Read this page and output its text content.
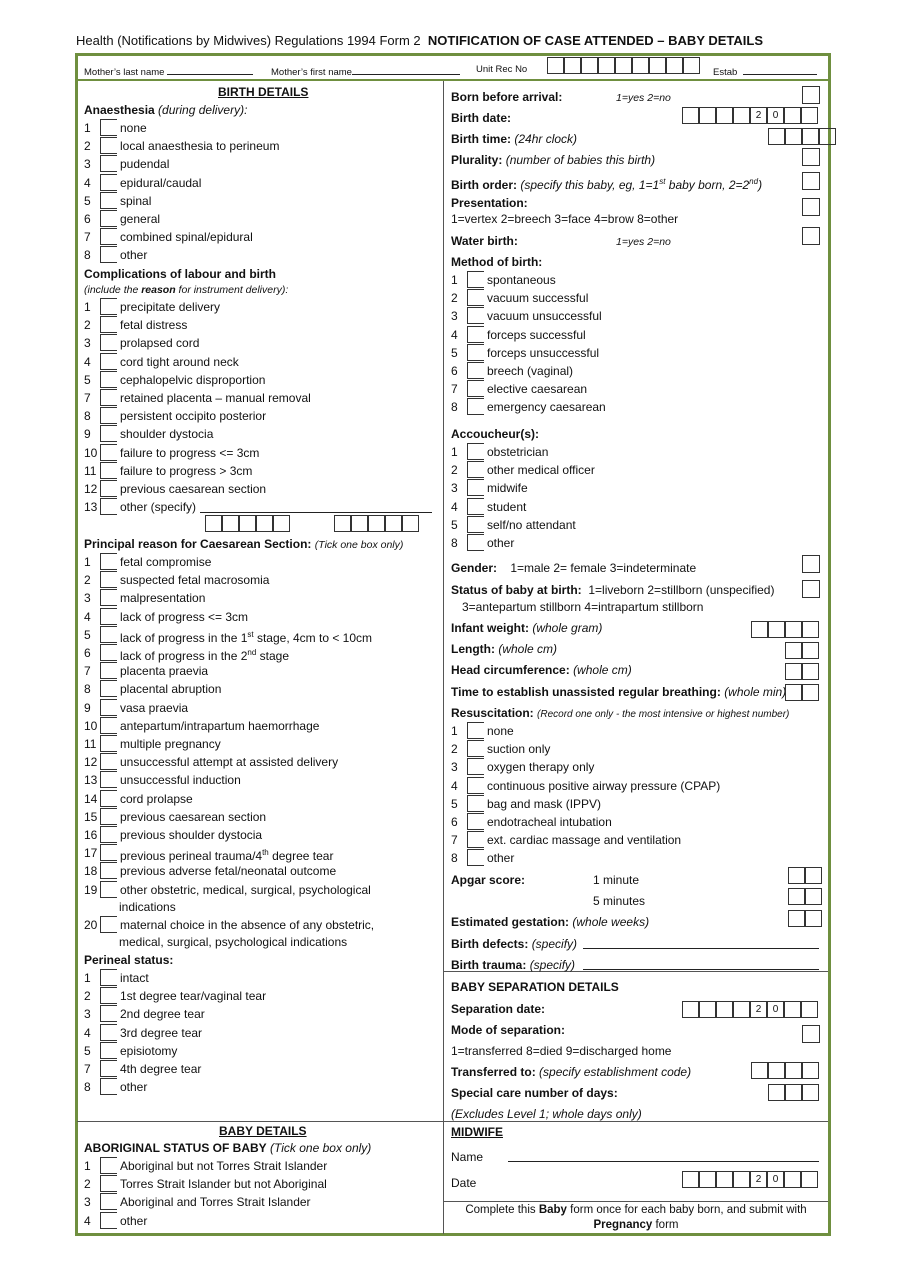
Health (Notifications by Midwives) Regulations 1994 Form 2 NOTIFICATION OF CASE ATTENDED – BABY DETAILS
Mother’s last name	Mother’s first name	Unit Rec No	Estab
BIRTH DETAILS
Anaesthesia (during delivery):
1 none
2 local anaesthesia to perineum
3 pudendal
4 epidural/caudal
5 spinal
6 general
7 combined spinal/epidural
8 other
Complications of labour and birth
(include the reason for instrument delivery):
1 precipitate delivery
2 fetal distress
3 prolapsed cord
4 cord tight around neck
5 cephalopelvic disproportion
7 retained placenta – manual removal
8 persistent occipito posterior
9 shoulder dystocia
10 failure to progress <= 3cm
11 failure to progress > 3cm
12 previous caesarean section
13 other (specify)
Principal reason for Caesarean Section: (Tick one box only)
1 fetal compromise
2 suspected fetal macrosomia
3 malpresentation
4 lack of progress <= 3cm
5 lack of progress in the 1st stage, 4cm to < 10cm
6 lack of progress in the 2nd stage
7 placenta praevia
8 placental abruption
9 vasa praevia
10 antepartum/intrapartum haemorrhage
11 multiple pregnancy
12 unsuccessful attempt at assisted delivery
13 unsuccessful induction
14 cord prolapse
15 previous caesarean section
16 previous shoulder dystocia
17 previous perineal trauma/4th degree tear
18 previous adverse fetal/neonatal outcome
19 other obstetric, medical, surgical, psychological
20 maternal choice in the absence of any obstetric,
indications
medical, surgical, psychological indications
Perineal status:
1 intact
2 1st degree tear/vaginal tear
3 2nd degree tear
4 3rd degree tear
5 episiotomy
7 4th degree tear
8 other
BABY DETAILS
ABORIGINAL STATUS OF BABY (Tick one box only)
1 Aboriginal but not Torres Strait Islander
2 Torres Strait Islander but not Aboriginal
3 Aboriginal and Torres Strait Islander
4 other
Born before arrival:	1=yes 2=no
Birth date:	2	0
Birth time: (24hr clock)
Plurality: (number of babies this birth)
Birth order: (specify this baby, eg, 1=1st baby born, 2=2nd)
Presentation:
1=vertex 2=breech 3=face 4=brow 8=other
Water birth:	1=yes 2=no
Method of birth:
1 spontaneous
2 vacuum successful
3 vacuum unsuccessful
4 forceps successful
5 forceps unsuccessful
6 breech (vaginal)
7 elective caesarean
8 emergency caesarean
Accoucheur(s):
1 obstetrician
2 other medical officer
3 midwife
4 student
5 self/no attendant
8 other
Gender: 1=male 2= female 3=indeterminate
Status of baby at birth: 1=liveborn 2=stillborn (unspecified)
3=antepartum stillborn 4=intrapartum stillborn
Infant weight: (whole gram)
Length: (whole cm)
Head circumference: (whole cm)
Time to establish unassisted regular breathing: (whole min)
Resuscitation: (Record one only - the most intensive or highest number)
1 none
2 suction only
3 oxygen therapy only
4 continuous positive airway pressure (CPAP)
5 bag and mask (IPPV)
6 endotracheal intubation
7 ext. cardiac massage and ventilation
8 other
Apgar score:	1 minute
5 minutes
Estimated gestation: (whole weeks)
Birth defects: (specify)
Birth trauma: (specify)
BABY SEPARATION DETAILS
Separation date:	2	0
Mode of separation:
1=transferred 8=died 9=discharged home
Transferred to: (specify establishment code)
Special care number of days:
(Excludes Level 1; whole days only)
MIDWIFE
Name
Date	2	0
Complete this Baby form once for each baby born, and submit with
Pregnancy form
